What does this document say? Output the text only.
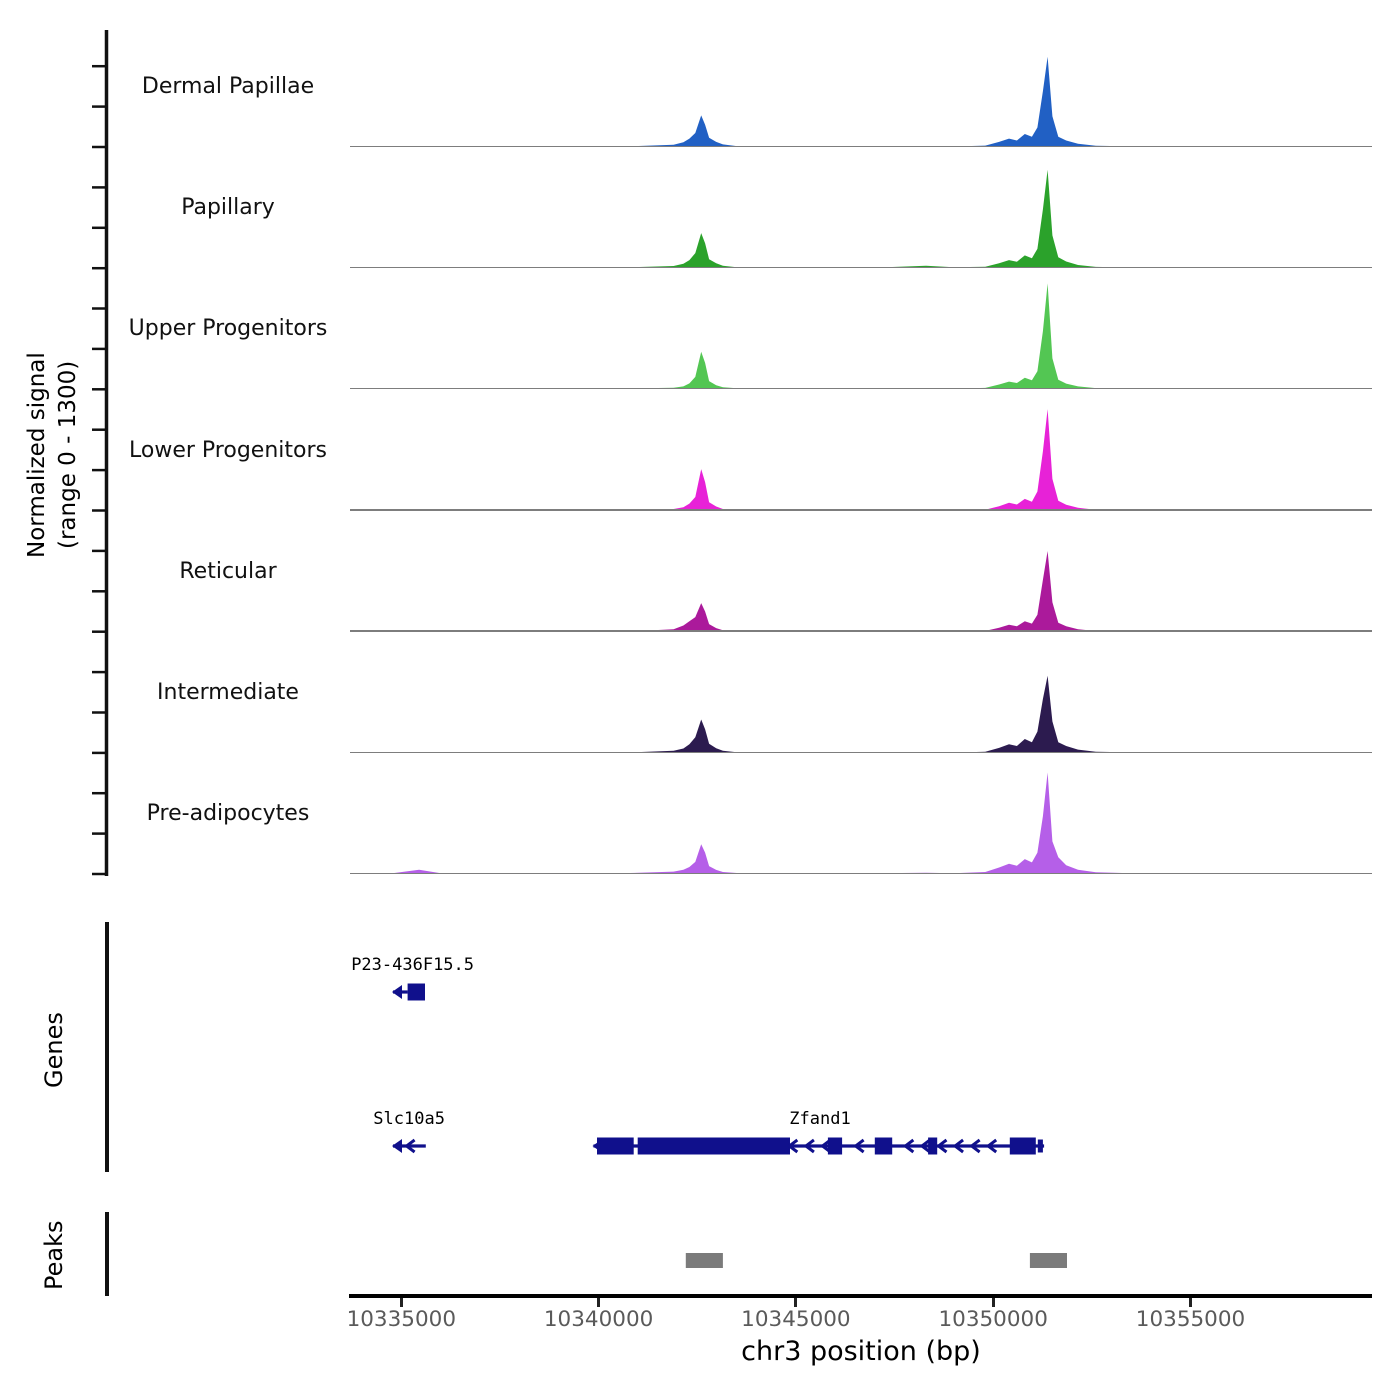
Normalized signal (range 0 - 1300)
Dermal Papillae
Papillary
Upper Progenitors
Lower Progenitors
Reticular
Intermediate
Pre-adipocytes
Genes
Peaks
P23-436F15.5
Slc10a5	Zfand1
10335000	10340000	10345000	10350000	10355000
chr3 position (bp)
